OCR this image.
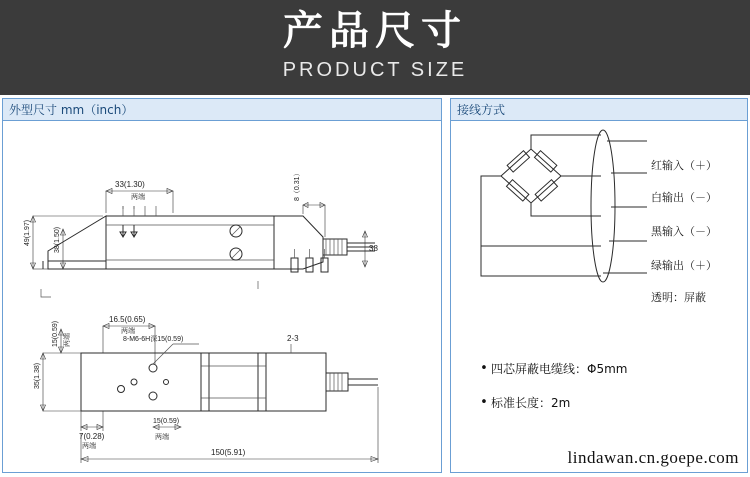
产品尺寸
PRODUCT SIZE
外型尺寸 mm（inch）
33(1.30)
两端	8（0.31）
49(1.97)	38(1.50)	38
8-M6-6H深15(0.59)
16.5(0.65)
两端
2-3
15(0.59) 两端
35(1.38)
7(0.28)
两端
15(0.59)
两端
150(5.91)
接线方式
红输入（＋）
白输出（－）
黑输入（－）
绿输出（＋）
透明：屏蔽
• 四芯屏蔽电缆线：Φ5mm
• 标准长度：2m
lindawan.cn.goepe.com
